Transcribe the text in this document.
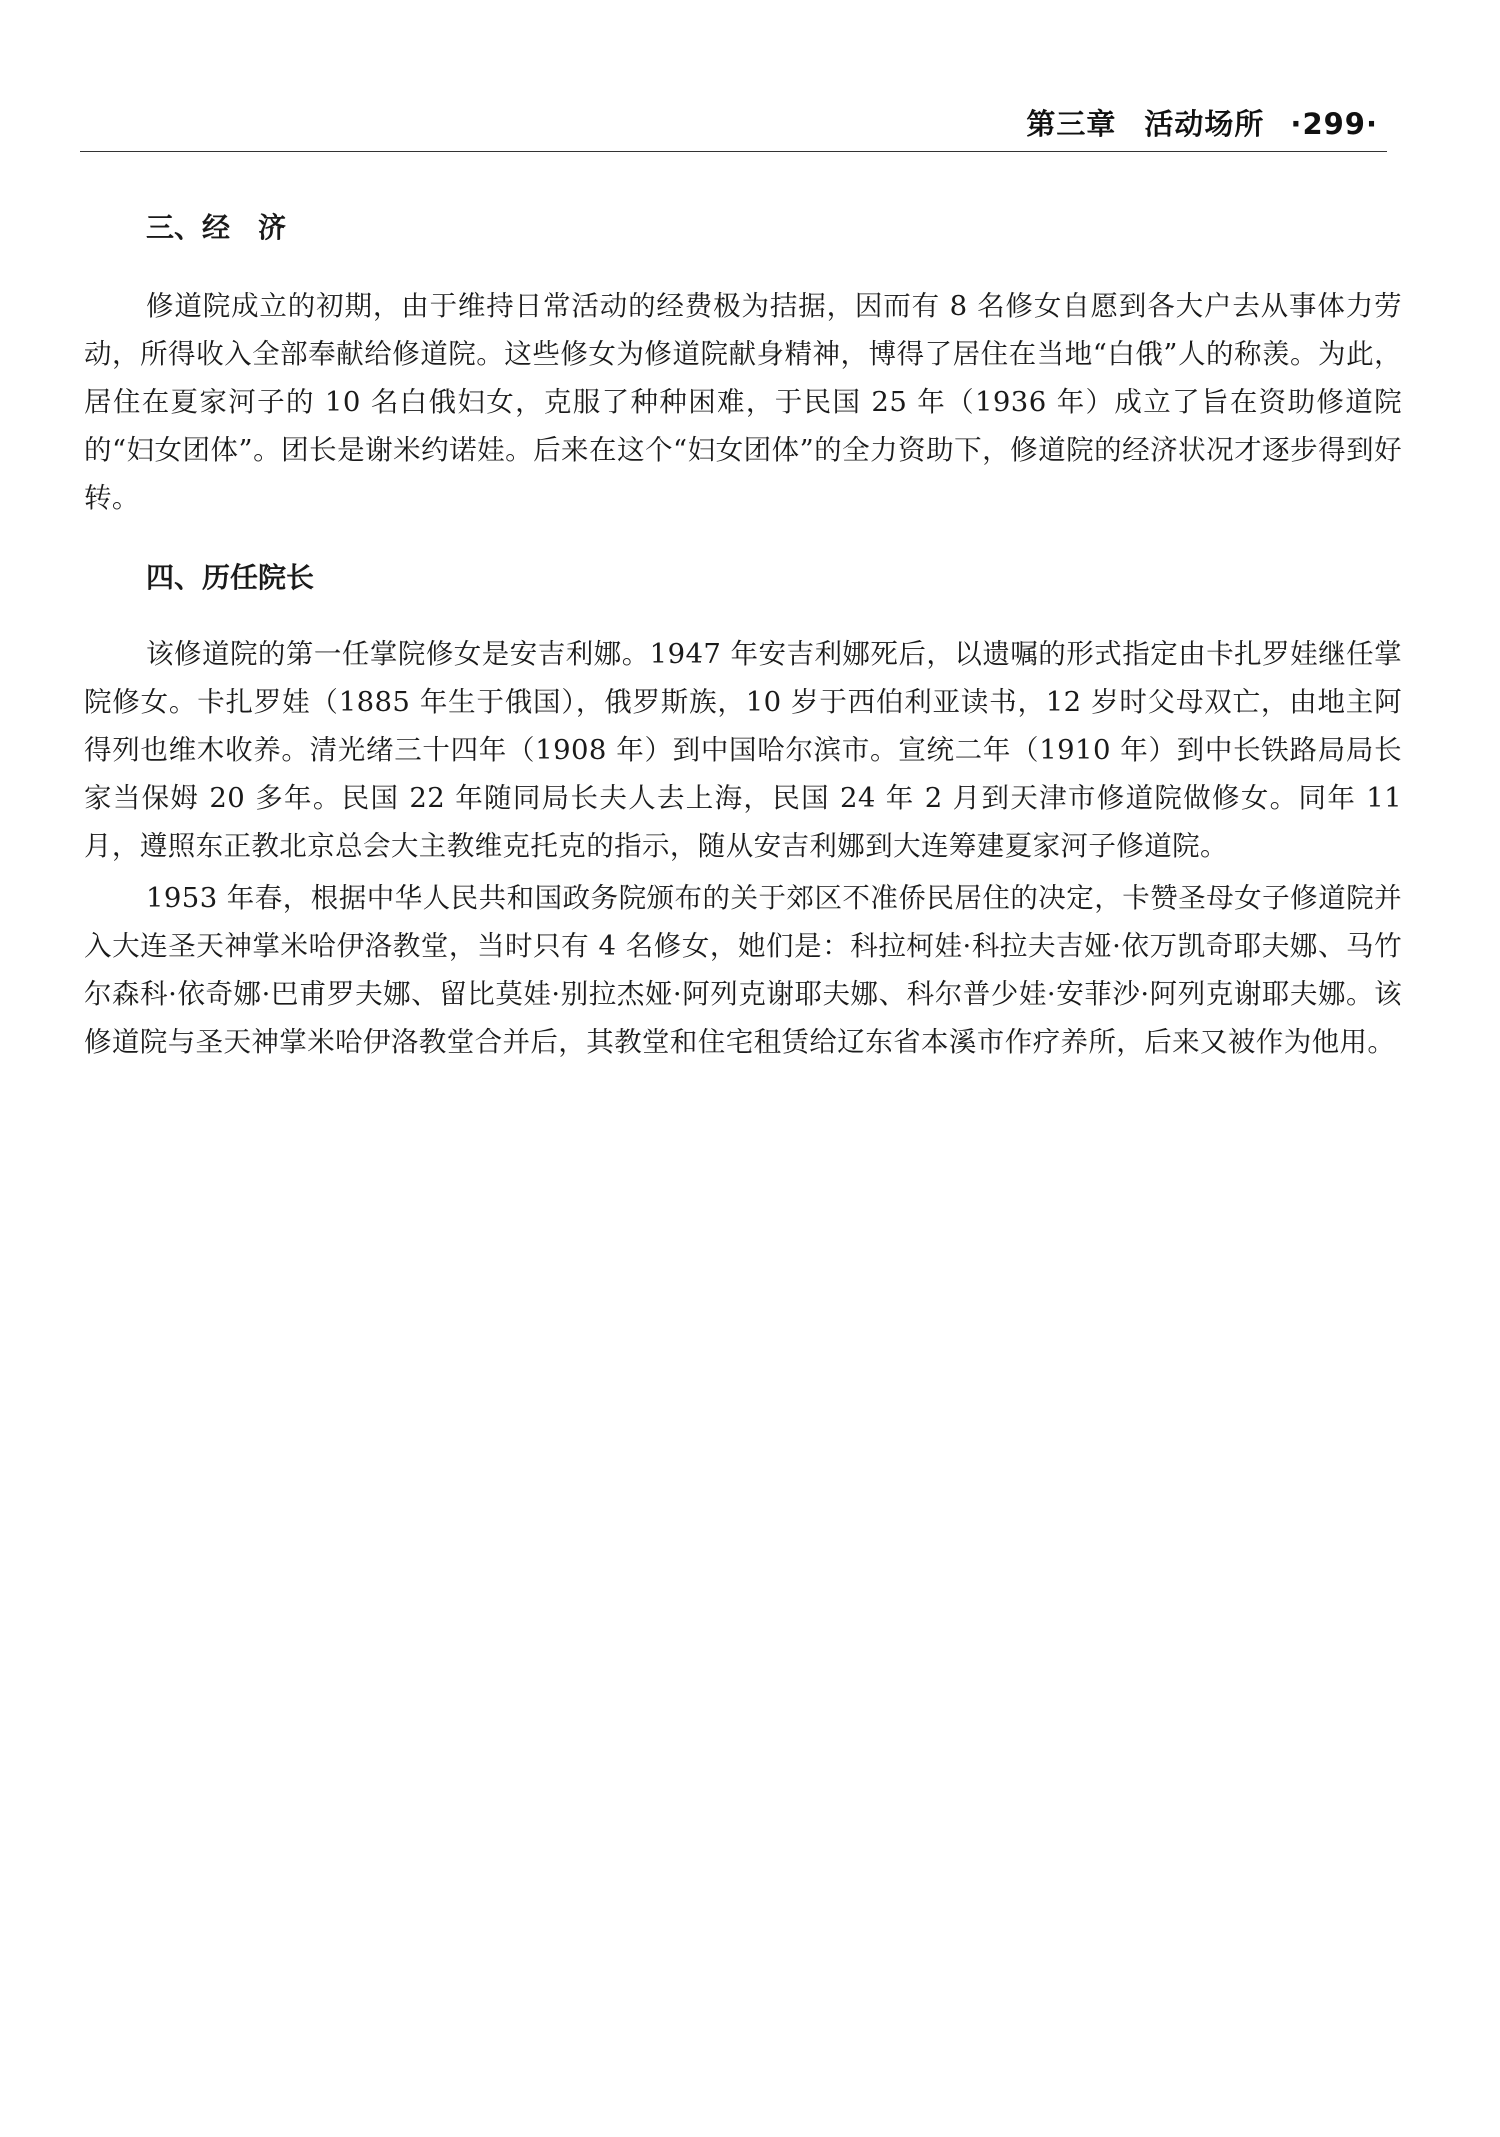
第三章 活动场所 ·299·
三、经　济

修道院成立的初期，由于维持日常活动的经费极为拮据，因而有 8 名修女自愿到各大户去从事体力劳动，所得收入全部奉献给修道院。这些修女为修道院献身精神，博得了居住在当地“白俄”人的称羡。为此，居住在夏家河子的 10 名白俄妇女，克服了种种困难，于民国 25 年（1936 年）成立了旨在资助修道院的“妇女团体”。团长是谢米约诺娃。后来在这个“妇女团体”的全力资助下，修道院的经济状况才逐步得到好转。

四、历任院长

该修道院的第一任掌院修女是安吉利娜。1947 年安吉利娜死后，以遗嘱的形式指定由卡扎罗娃继任掌院修女。卡扎罗娃（1885 年生于俄国），俄罗斯族，10 岁于西伯利亚读书，12 岁时父母双亡，由地主阿得列也维木收养。清光绪三十四年（1908 年）到中国哈尔滨市。宣统二年（1910 年）到中长铁路局局长家当保姆 20 多年。民国 22 年随同局长夫人去上海，民国 24 年 2 月到天津市修道院做修女。同年 11 月，遵照东正教北京总会大主教维克托克的指示，随从安吉利娜到大连筹建夏家河子修道院。

1953 年春，根据中华人民共和国政务院颁布的关于郊区不准侨民居住的决定，卡赞圣母女子修道院并入大连圣天神掌米哈伊洛教堂，当时只有 4 名修女，她们是：科拉柯娃·科拉夫吉娅·依万凯奇耶夫娜、马竹尔森科·依奇娜·巴甫罗夫娜、留比莫娃·别拉杰娅·阿列克谢耶夫娜、科尔普少娃·安菲沙·阿列克谢耶夫娜。该修道院与圣天神掌米哈伊洛教堂合并后，其教堂和住宅租赁给辽东省本溪市作疗养所，后来又被作为他用。
